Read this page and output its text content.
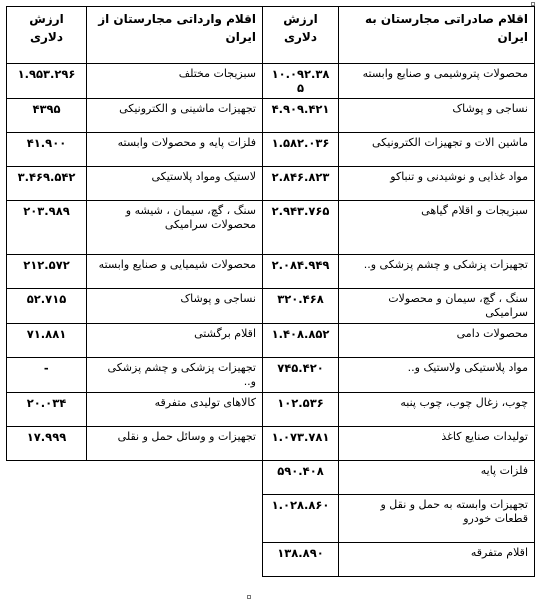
اقلام صادراتی مجارستان به ایران	ارزش دلاری	اقلام وارداتی مجارستان از ایران	ارزش دلاری
محصولات پتروشیمی و صنایع وابسته	۱۰.۰۹۲.۳۸۵	سبزیجات مختلف	۱.۹۵۳.۲۹۶
نساجی و پوشاک	۴.۹۰۹.۴۲۱	تجهیزات ماشینی و الکترونیکی	۴۳۹۵
ماشین الات و تجهیزات الکترونیکی	۱.۵۸۲.۰۳۶	فلزات پایه و محصولات وابسته	۴۱.۹۰۰
مواد غذایی و نوشیدنی و تنباکو	۲.۸۴۶.۸۲۳	لاستیک ومواد پلاستیکی	۳.۴۶۹.۵۴۲
سبزیجات و اقلام گیاهی	۲.۹۴۳.۷۶۵	سنگ ، گچ، سیمان ، شیشه و محصولات سرامیکی	۲۰۳.۹۸۹
تجهیزات پزشکی و چشم پزشکی و..	۲.۰۸۴.۹۴۹	محصولات شیمیایی و صنایع وابسته	۲۱۲.۵۷۲
سنگ ، گچ، سیمان و محصولات سرامیکی	۳۲۰.۴۶۸	نساجی و پوشاک	۵۲.۷۱۵
محصولات دامی	۱.۴۰۸.۸۵۲	اقلام برگشتی	۷۱.۸۸۱
مواد پلاستیکی ولاستیک و..	۷۴۵.۴۲۰	تجهیزات پزشکی و چشم پزشکی و..	-
چوب، زغال چوب، چوب پنبه	۱۰۲.۵۳۶	کالاهای تولیدی متفرقه	۲۰.۰۳۴
تولیدات صنایع کاغذ	۱.۰۷۳.۷۸۱	تجهیزات و وسائل حمل و نقلی	۱۷.۹۹۹
فلزات پایه	۵۹۰.۴۰۸		
تجهیزات وابسته به حمل و نقل و قطعات خودرو	۱.۰۲۸.۸۶۰		
اقلام متفرقه	۱۳۸.۸۹۰		
